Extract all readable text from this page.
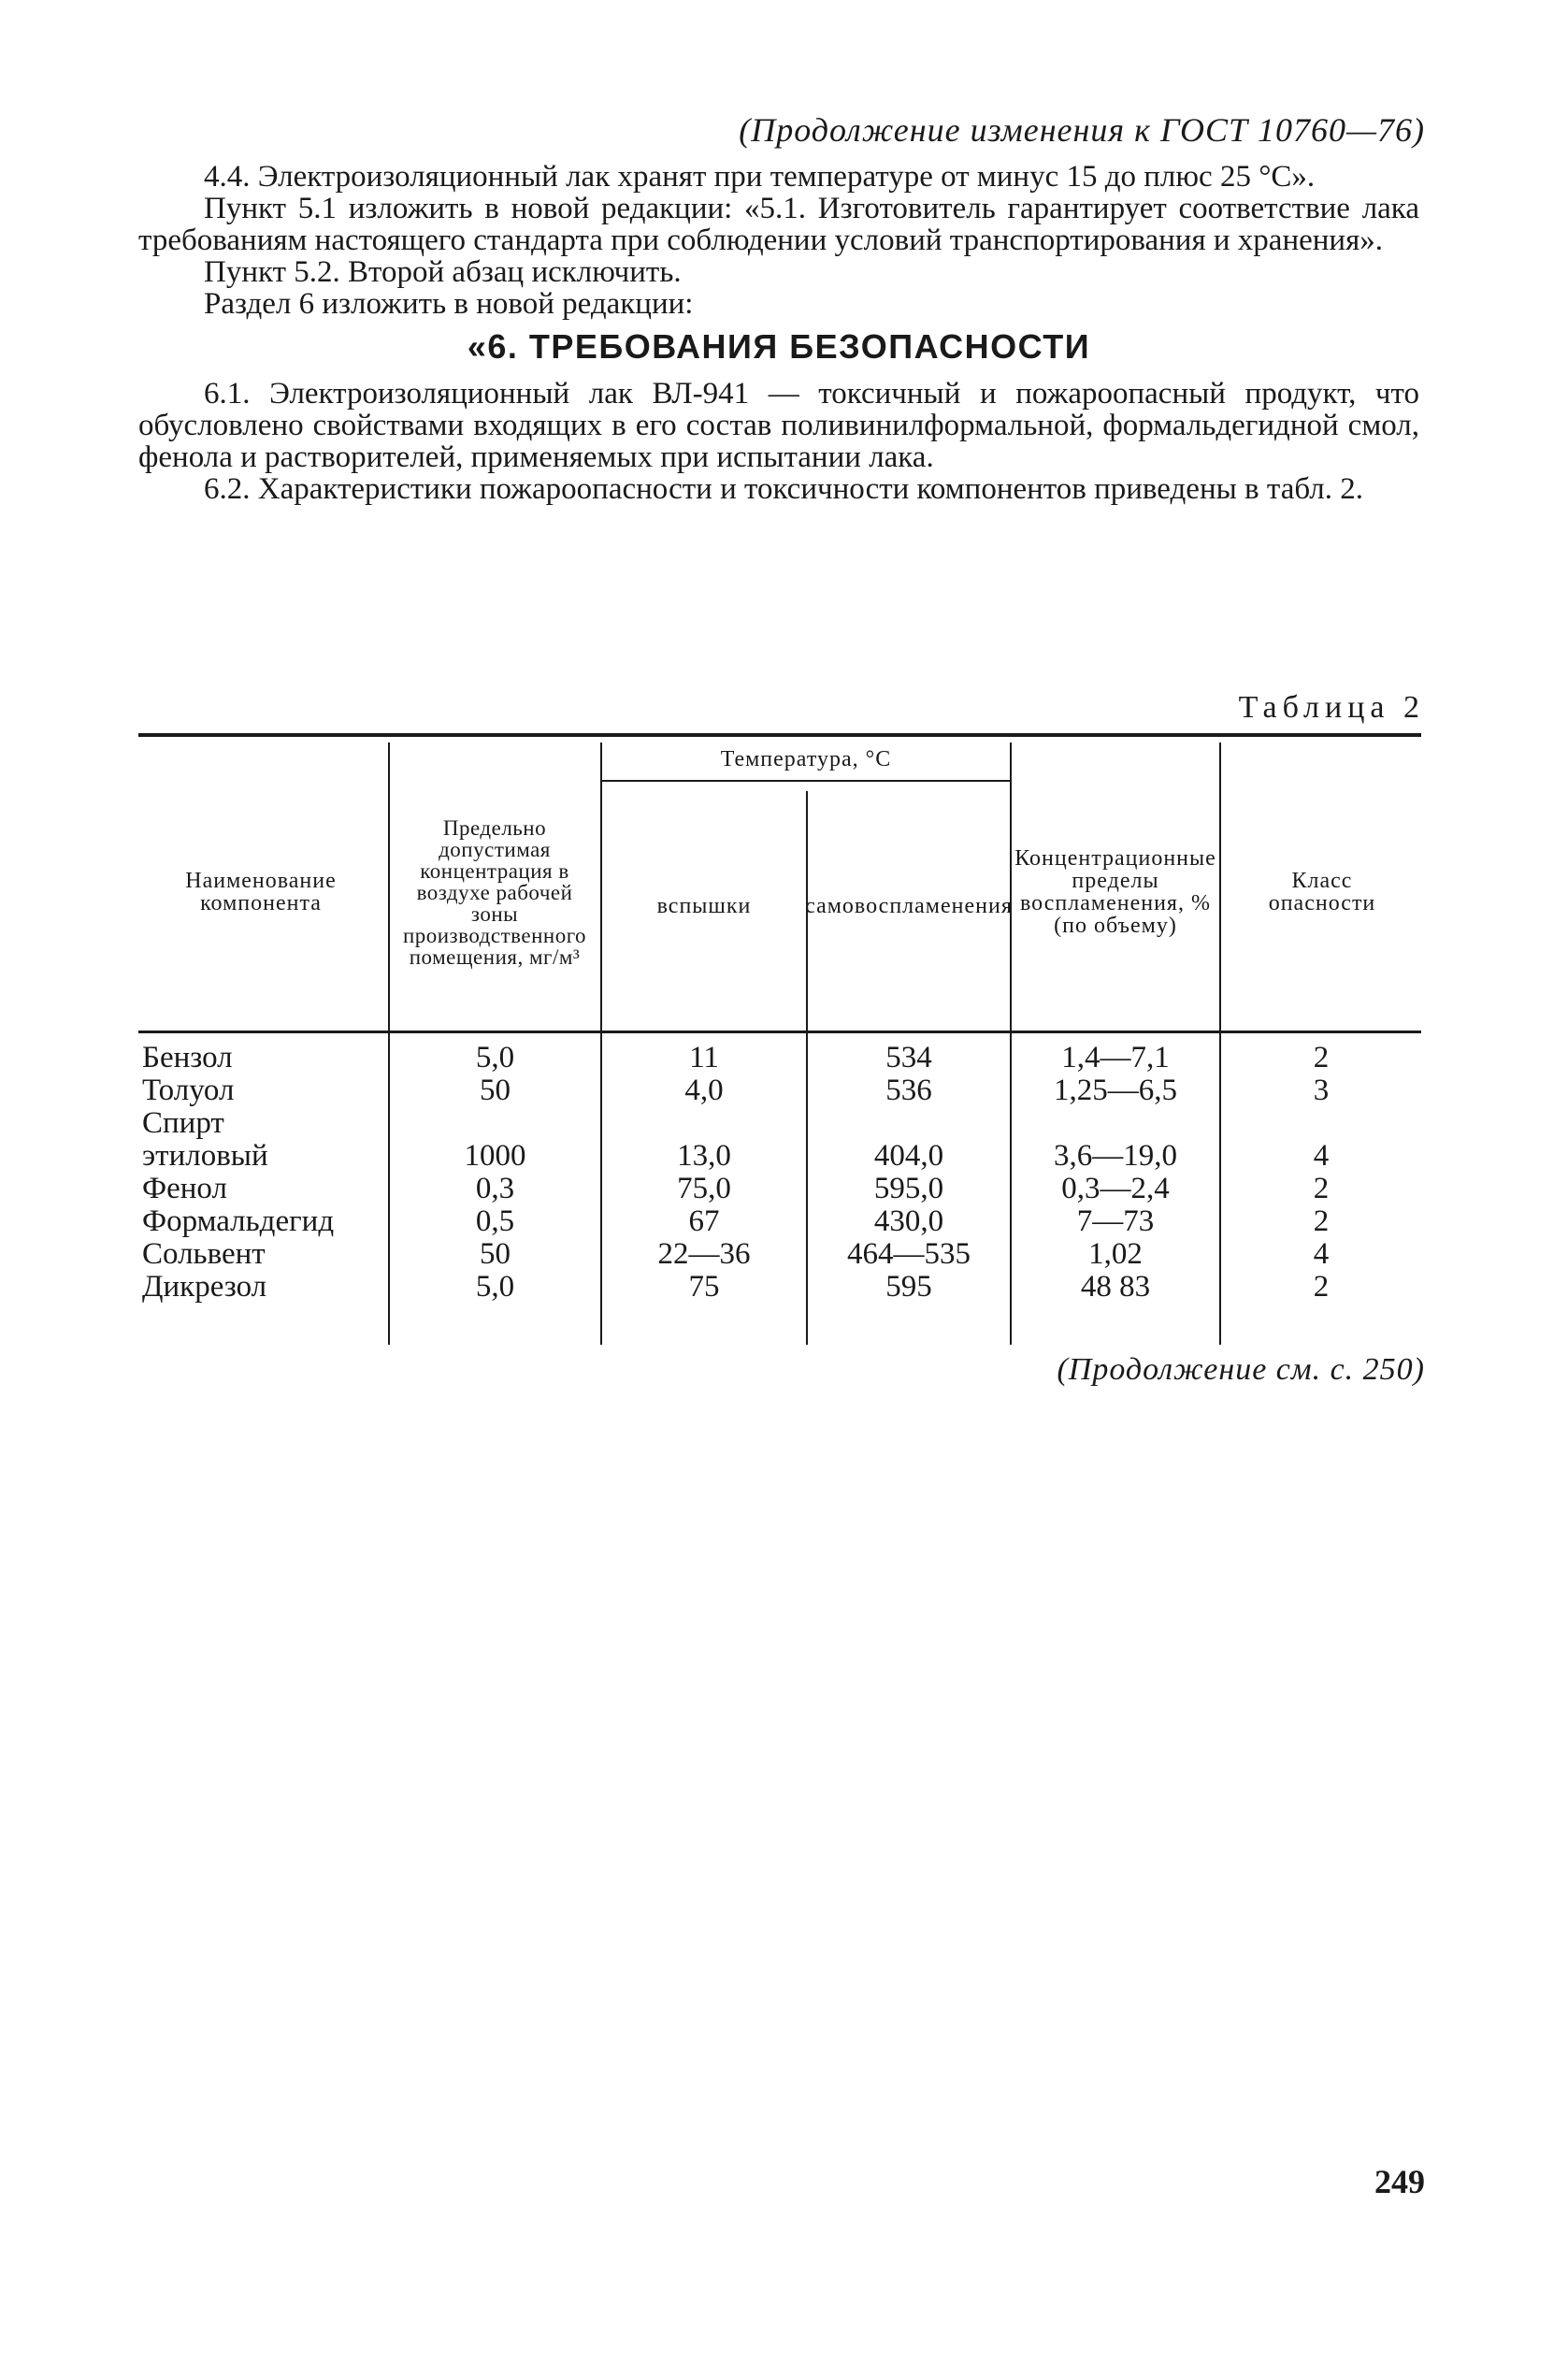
(Продолжение изменения к ГОСТ 10760—76)

4.4. Электроизоляционный лак хранят при температуре от минус 15 до плюс 25 °С».

Пункт 5.1 изложить в новой редакции: «5.1. Изготовитель гарантирует соответствие лака требованиям настоящего стандарта при соблюдении условий транспортирования и хранения».

Пункт 5.2. Второй абзац исключить.

Раздел 6 изложить в новой редакции:

«6. ТРЕБОВАНИЯ БЕЗОПАСНОСТИ

6.1. Электроизоляционный лак ВЛ-941 — токсичный и пожароопасный продукт, что обусловлено свойствами входящих в его состав поливинилформальной, формальдегидной смол, фенола и растворителей, применяемых при испытании лака.

6.2. Характеристики пожароопасности и токсичности компонентов приведены в табл. 2.

Таблица 2

Наименование компонента
Предельно допустимая концентрация в воздухе рабочей зоны производственного помещения, мг/м³
Температура, °С
вспышки	самовоспламенения
Концентрационные пределы воспламенения, % (по объему)
Класс опасности
Бензол
Толуол
Спирт этиловый
Фенол
Формальдегид
Сольвент
Дикрезол
5,0
50
1000
0,3
0,5
50
5,0
11
4,0
13,0
75,0
67
22—36
75
534
536
404,0
595,0
430,0
464—535
595
1,4—7,1
1,25—6,5
3,6—19,0
0,3—2,4
7—73
1,02
48 83
2
3
4
2
2
4
2

(Продолжение см. с. 250)

249
